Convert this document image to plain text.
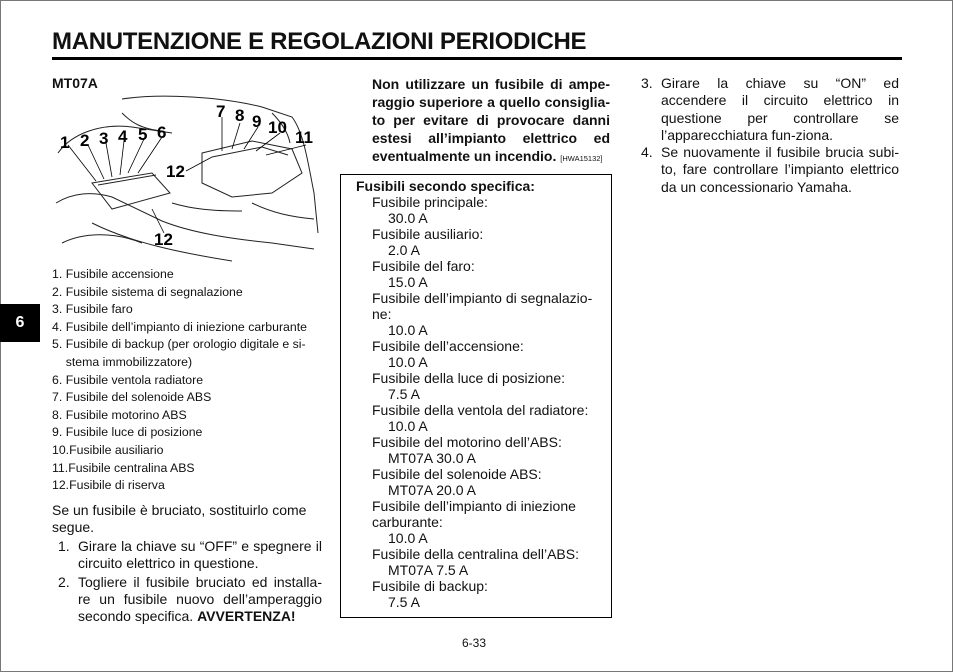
MANUTENZIONE E REGOLAZIONI PERIODICHE
MT07A
1 2 3 4 5 6
7 8 9 10
11
12
12
6
1.
Fusibile accensione
2.
Fusibile sistema di segnalazione
3.
Fusibile faro
4.
Fusibile dell’impianto di iniezione carburante
5.
Fusibile di backup (per orologio digitale e si-stema immobilizzatore)
6.
Fusibile ventola radiatore
7.
Fusibile del solenoide ABS
8.
Fusibile motorino ABS
9.
Fusibile luce di posizione
10. Fusibile ausiliario
11. Fusibile centralina ABS
12. Fusibile di riserva
Se un fusibile è bruciato, sostituirlo come segue.
1. Girare la chiave su “OFF” e spegnere il circuito elettrico in questione.
2. Togliere il fusibile bruciato ed installa-re un fusibile nuovo dell’amperaggio secondo specifica. AVVERTENZA!
Non utilizzare un fusibile di ampe-raggio superiore a quello consiglia-to per evitare di provocare danni estesi all’impianto elettrico ed eventualmente un incendio. [HWA15132]
Fusibili secondo specifica:
Fusibile principale:
30.0 A
Fusibile ausiliario:
2.0 A
Fusibile del faro:
15.0 A
Fusibile dell’impianto di segnalazio-ne:
10.0 A
Fusibile dell’accensione:
10.0 A
Fusibile della luce di posizione:
7.5 A
Fusibile della ventola del radiatore:
10.0 A
Fusibile del motorino dell’ABS:
MT07A 30.0 A
Fusibile del solenoide ABS:
MT07A 20.0 A
Fusibile dell’impianto di iniezione carburante:
10.0 A
Fusibile della centralina dell’ABS:
MT07A 7.5 A
Fusibile di backup:
7.5 A
3. Girare la chiave su “ON” ed accendere il circuito elettrico in questione per controllare se l’apparecchiatura fun-ziona.
4. Se nuovamente il fusibile brucia subi-to, fare controllare l’impianto elettrico da un concessionario Yamaha.
6-33
